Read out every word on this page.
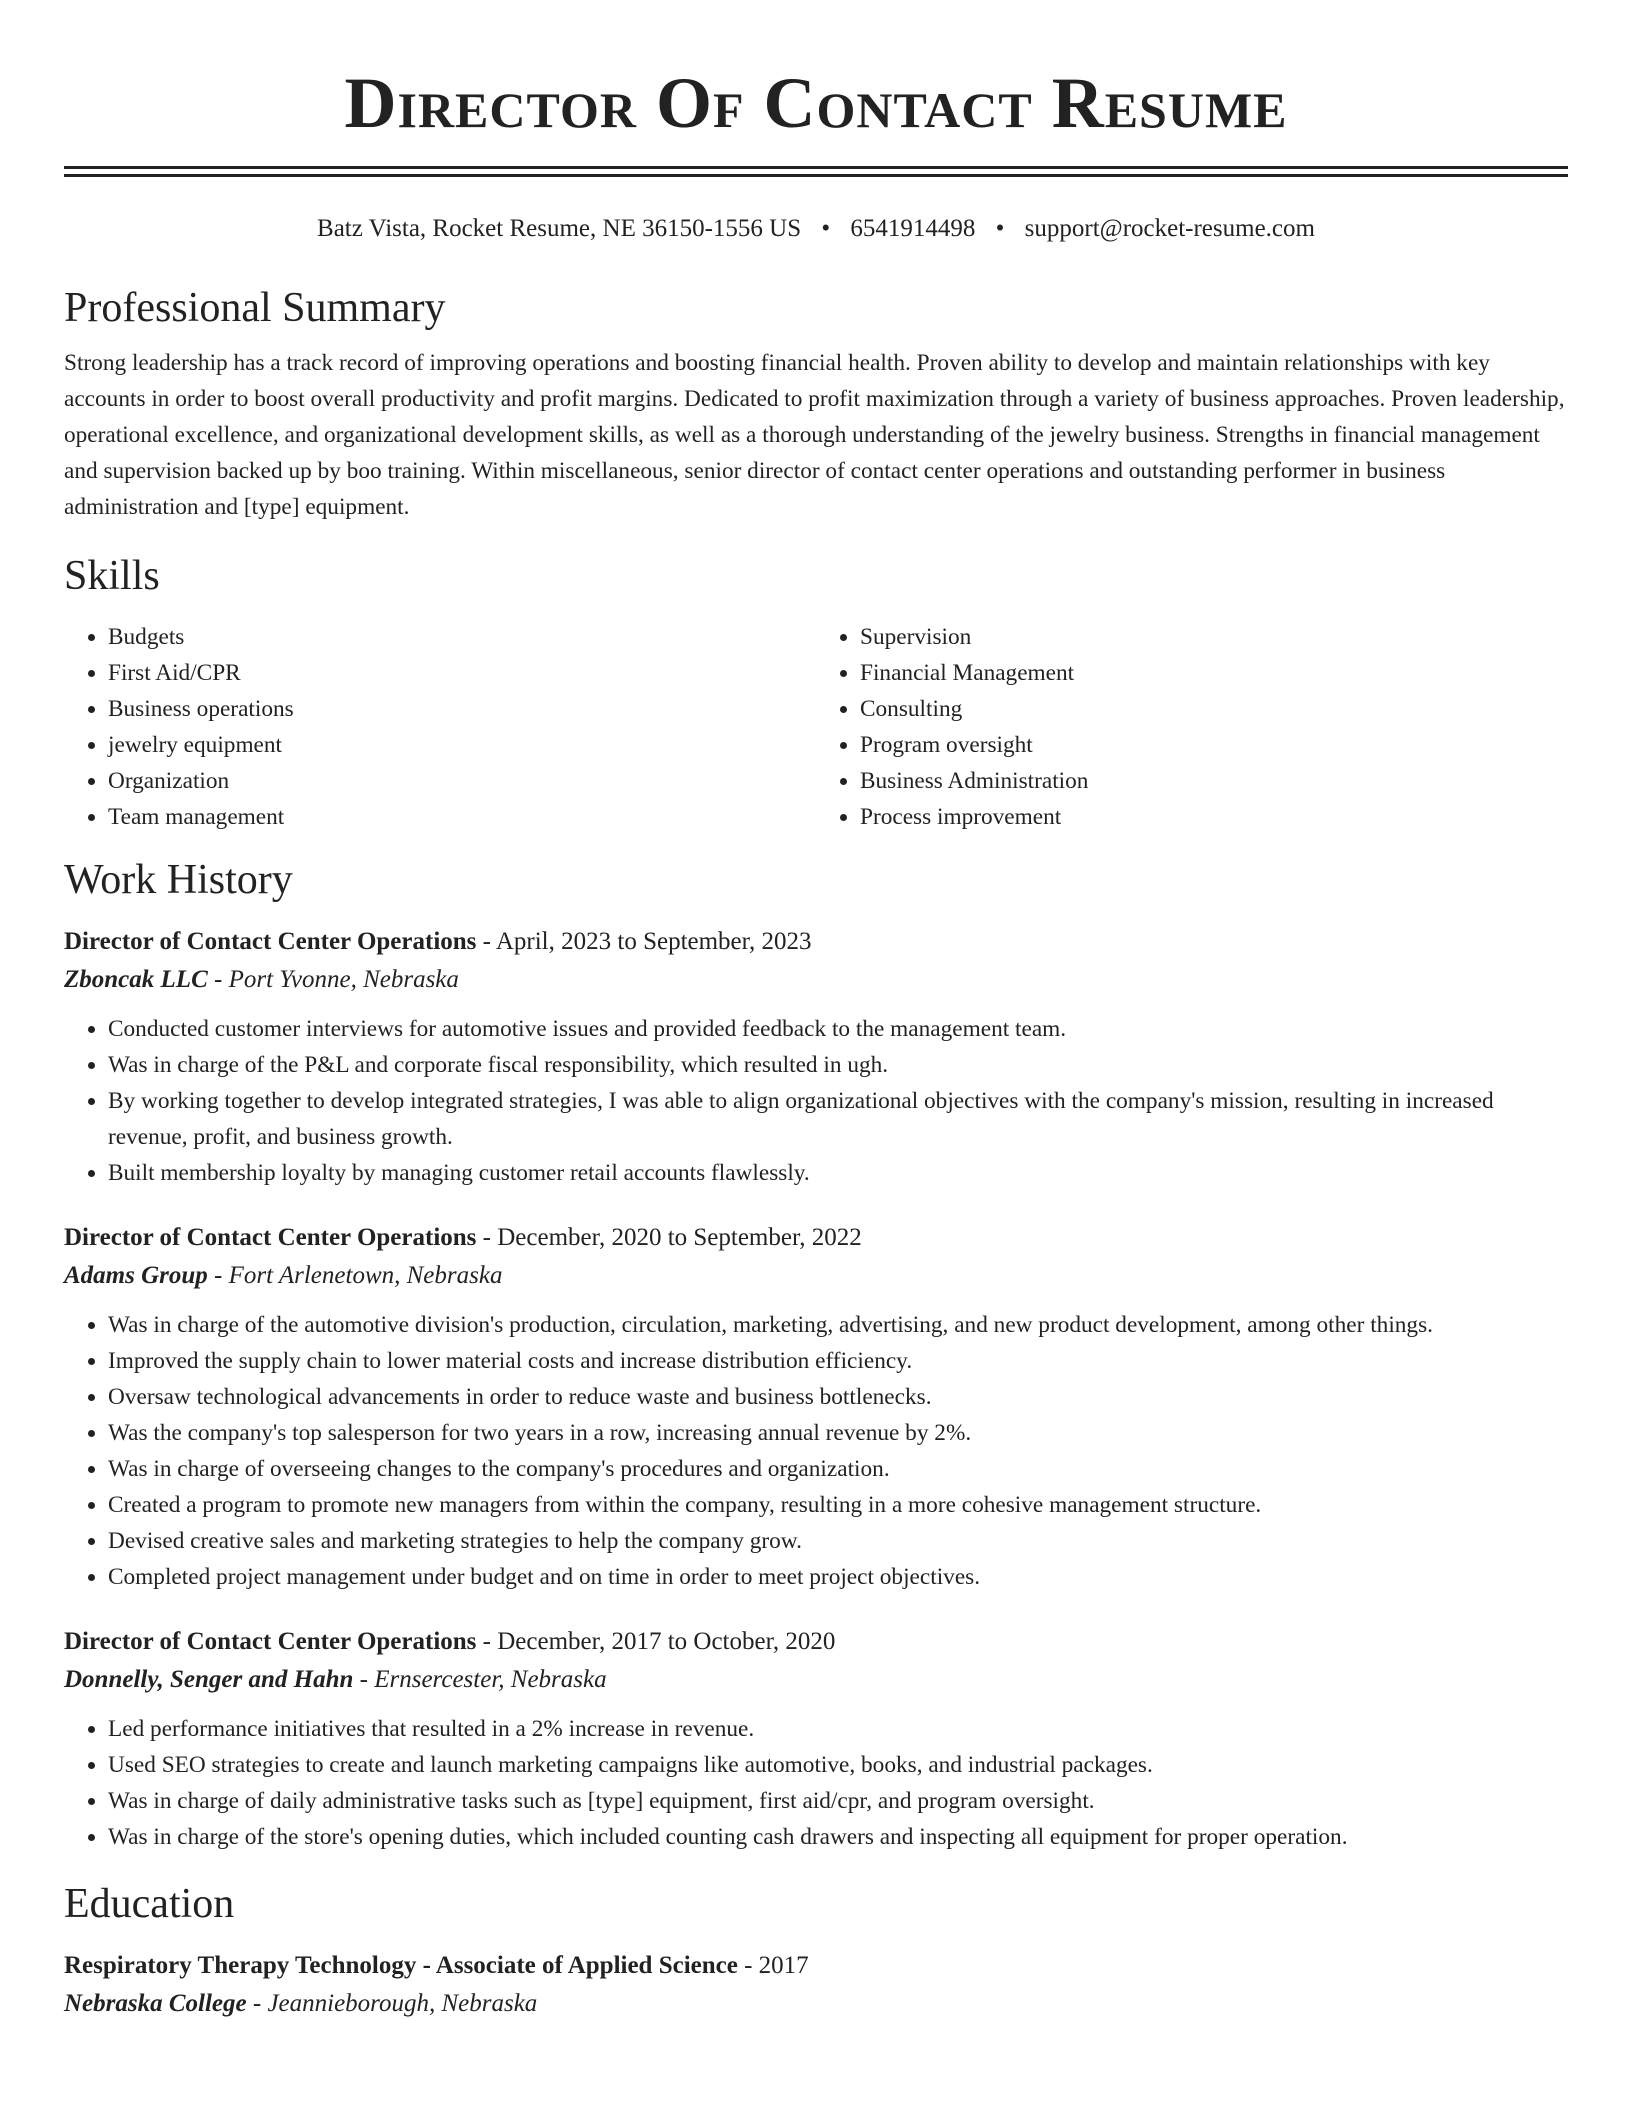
Director Of Contact Resume
Batz Vista, Rocket Resume, NE 36150-1556 US • 6541914498 • support@rocket-resume.com
Professional Summary

Strong leadership has a track record of improving operations and boosting financial health. Proven ability to develop and maintain relationships with key accounts in order to boost overall productivity and profit margins. Dedicated to profit maximization through a variety of business approaches. Proven leadership, operational excellence, and organizational development skills, as well as a thorough understanding of the jewelry business. Strengths in financial management and supervision backed up by boo training. Within miscellaneous, senior director of contact center operations and outstanding performer in business administration and [type] equipment.

Skills
• Budgets
• First Aid/CPR
• Business operations
• jewelry equipment
• Organization
• Team management
• Supervision
• Financial Management
• Consulting
• Program oversight
• Business Administration
• Process improvement
Work History
Director of Contact Center Operations - April, 2023 to September, 2023
Zboncak LLC - Port Yvonne, Nebraska
• Conducted customer interviews for automotive issues and provided feedback to the management team.
• Was in charge of the P&L and corporate fiscal responsibility, which resulted in ugh.
• By working together to develop integrated strategies, I was able to align organizational objectives with the company's mission, resulting in increased revenue, profit, and business growth.
• Built membership loyalty by managing customer retail accounts flawlessly.
Director of Contact Center Operations - December, 2020 to September, 2022
Adams Group - Fort Arlenetown, Nebraska
• Was in charge of the automotive division's production, circulation, marketing, advertising, and new product development, among other things.
• Improved the supply chain to lower material costs and increase distribution efficiency.
• Oversaw technological advancements in order to reduce waste and business bottlenecks.
• Was the company's top salesperson for two years in a row, increasing annual revenue by 2%.
• Was in charge of overseeing changes to the company's procedures and organization.
• Created a program to promote new managers from within the company, resulting in a more cohesive management structure.
• Devised creative sales and marketing strategies to help the company grow.
• Completed project management under budget and on time in order to meet project objectives.
Director of Contact Center Operations - December, 2017 to October, 2020
Donnelly, Senger and Hahn - Ernsercester, Nebraska
• Led performance initiatives that resulted in a 2% increase in revenue.
• Used SEO strategies to create and launch marketing campaigns like automotive, books, and industrial packages.
• Was in charge of daily administrative tasks such as [type] equipment, first aid/cpr, and program oversight.
• Was in charge of the store's opening duties, which included counting cash drawers and inspecting all equipment for proper operation.
Education
Respiratory Therapy Technology - Associate of Applied Science - 2017
Nebraska College - Jeannieborough, Nebraska
